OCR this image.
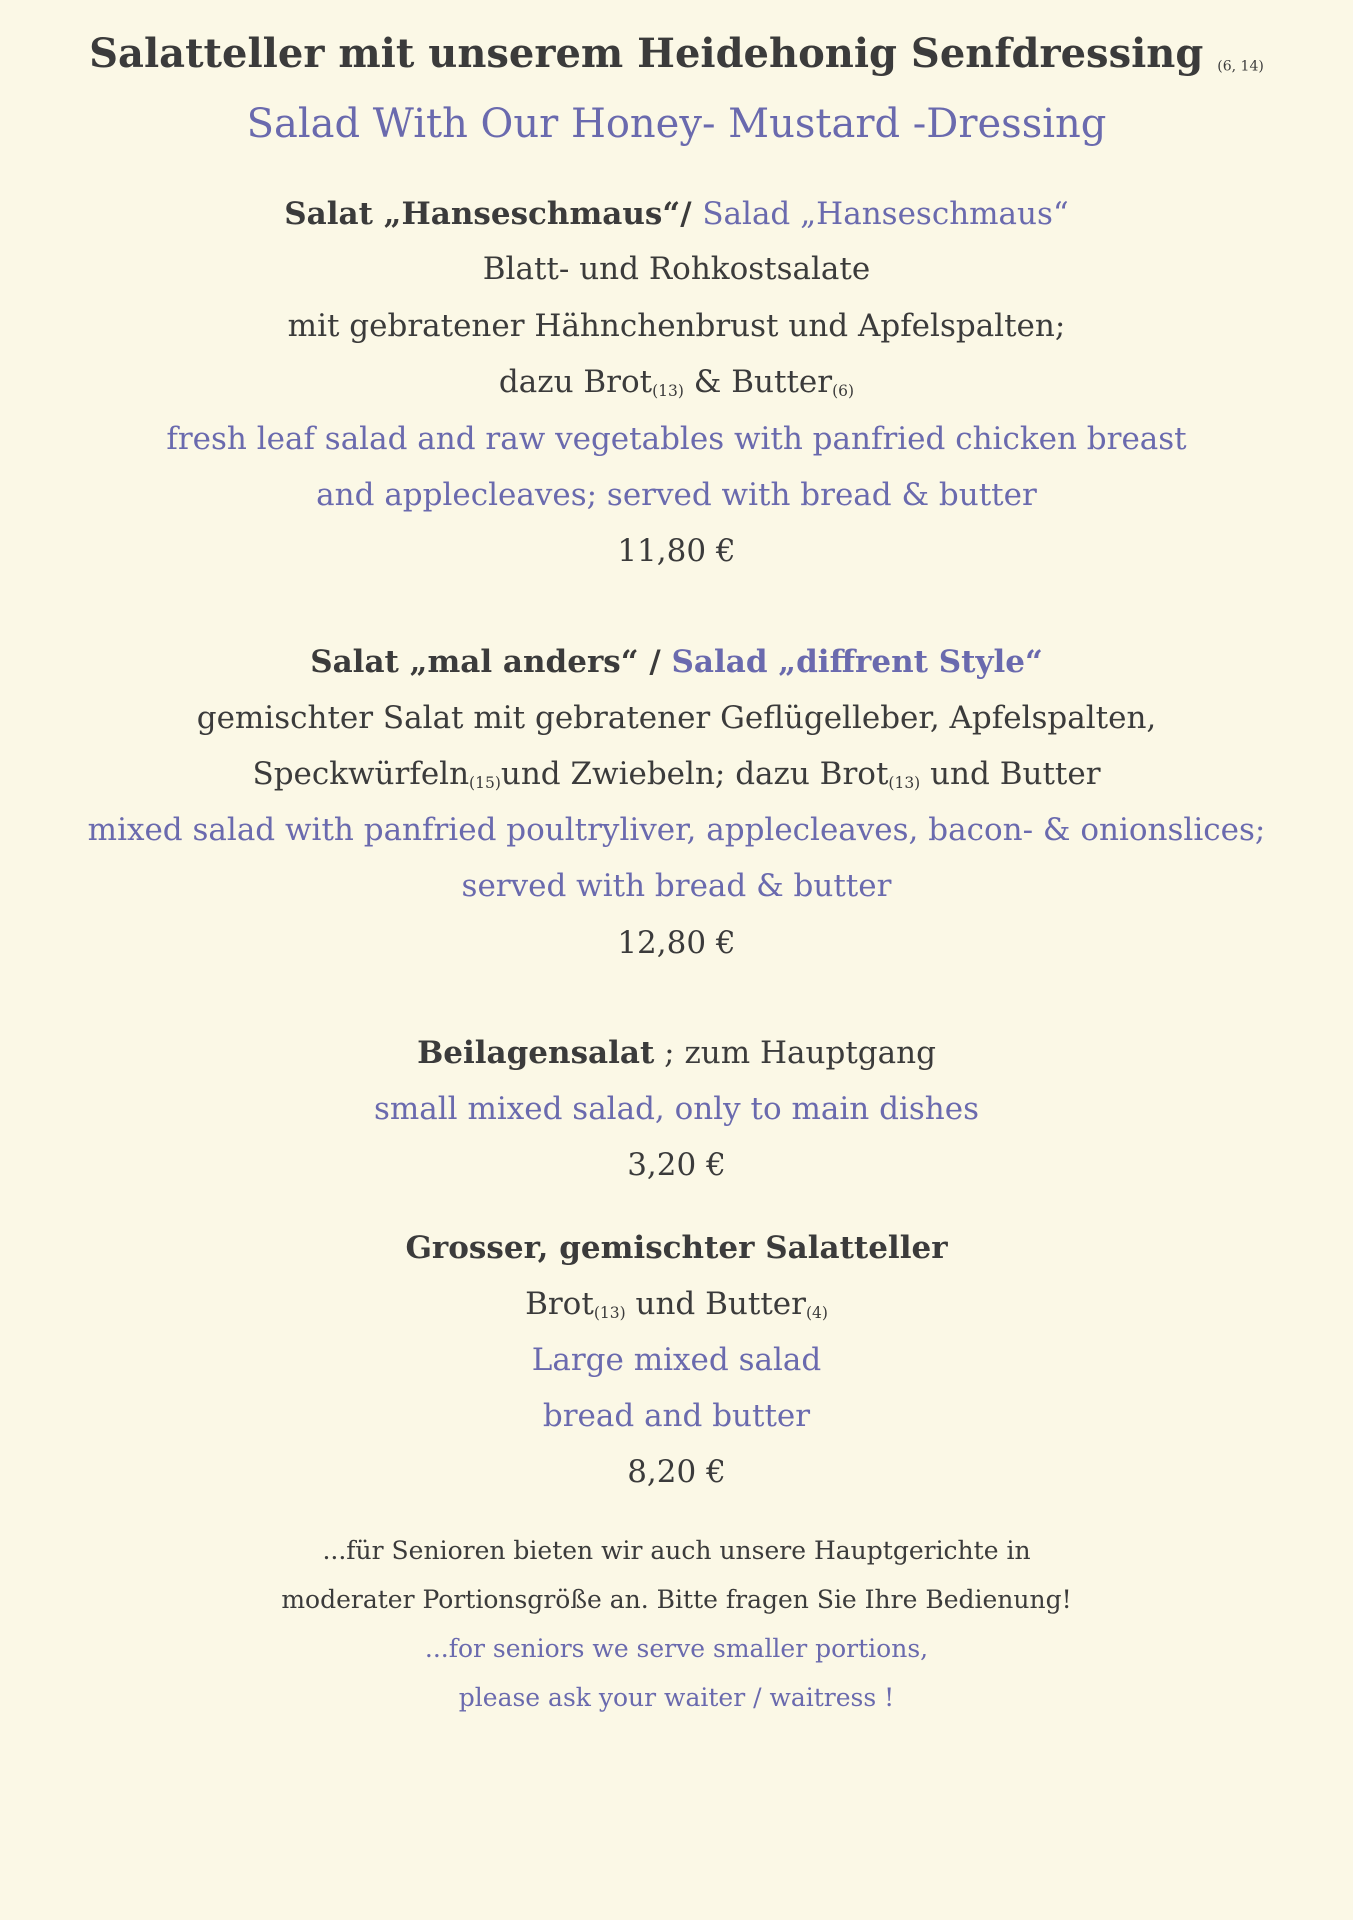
Salatteller mit unserem Heidehonig Senfdressing $_{(6, 14)}$
Salad With Our Honey- Mustard -Dressing
Salat „Hanseschmaus“/ Salad „Hanseschmaus“
Blatt- und Rohkostsalate
mit gebratener Hähnchenbrust und Apfelspalten;
dazu Brot$_{(13)}$ & Butter$_{(6)}$
fresh leaf salad and raw vegetables with panfried chicken breast
and applecleaves; served with bread & butter
11,80 €
Salat „mal anders“ / Salad „diffrent Style“
gemischter Salat mit gebratener Geflügelleber, Apfelspalten,
Speckwürfeln$_{(15)}$und Zwiebeln; dazu Brot$_{(13)}$ und Butter
mixed salad with panfried poultryliver, applecleaves, bacon- & onionslices;
served with bread & butter
12,80 €
Beilagensalat ; zum Hauptgang
small mixed salad, only to main dishes
3,20 €
Grosser, gemischter Salatteller
Brot$_{(13)}$ und Butter$_{(4)}$
Large mixed salad
bread and butter
8,20 €
...für Senioren bieten wir auch unsere Hauptgerichte in
moderater Portionsgröße an. Bitte fragen Sie Ihre Bedienung!
...for seniors we serve smaller portions,
please ask your waiter / waitress !
